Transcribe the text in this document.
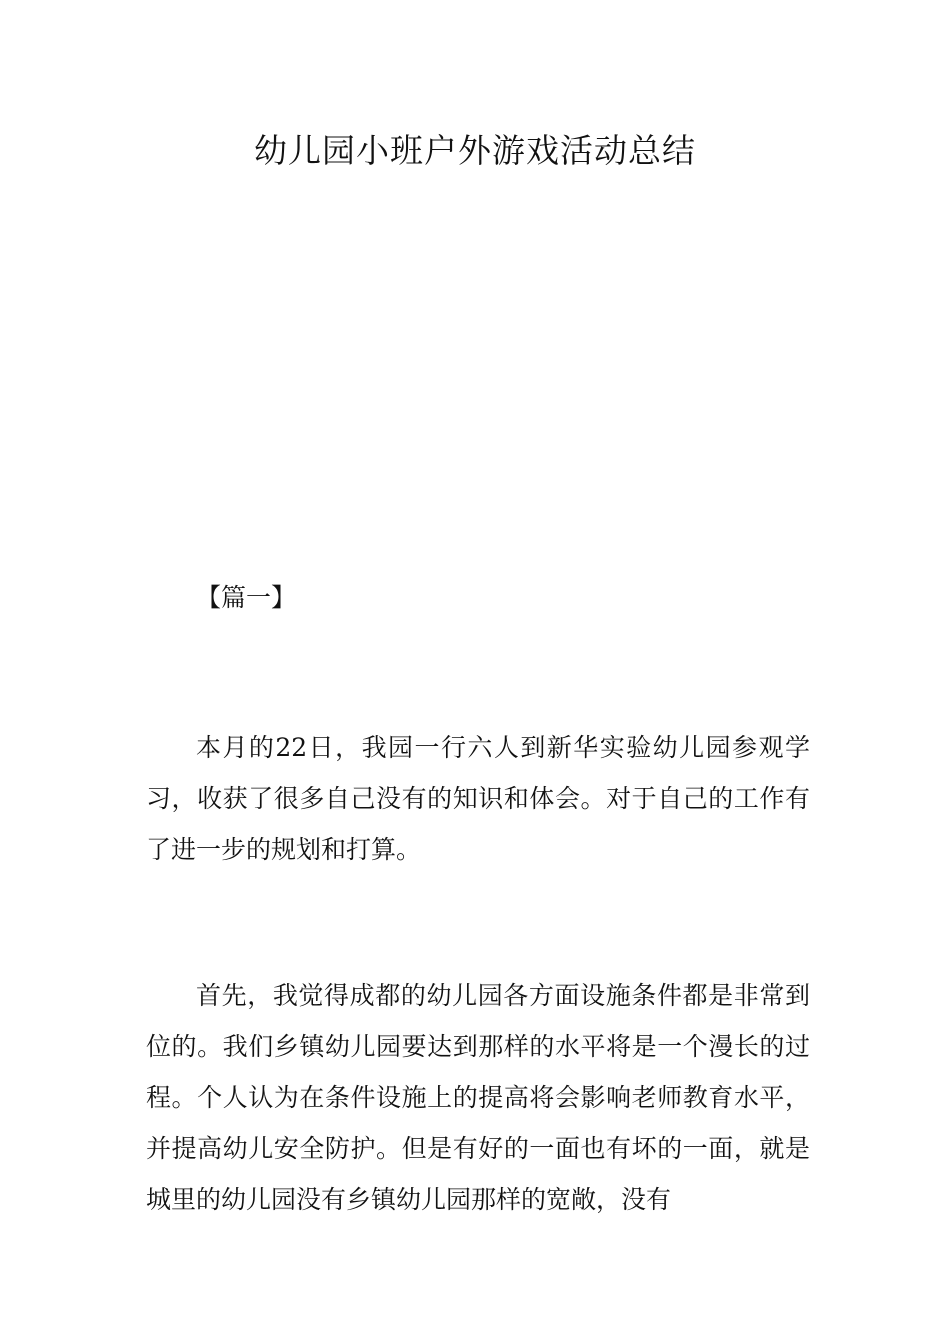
幼儿园小班户外游戏活动总结

【篇一】

本月的22日，我园一行六人到新华实验幼儿园参观学习，收获了很多自己没有的知识和体会。对于自己的工作有了进一步的规划和打算。

首先，我觉得成都的幼儿园各方面设施条件都是非常到位的。我们乡镇幼儿园要达到那样的水平将是一个漫长的过程。个人认为在条件设施上的提高将会影响老师教育水平，并提高幼儿安全防护。但是有好的一面也有坏的一面，就是城里的幼儿园没有乡镇幼儿园那样的宽敞，没有
